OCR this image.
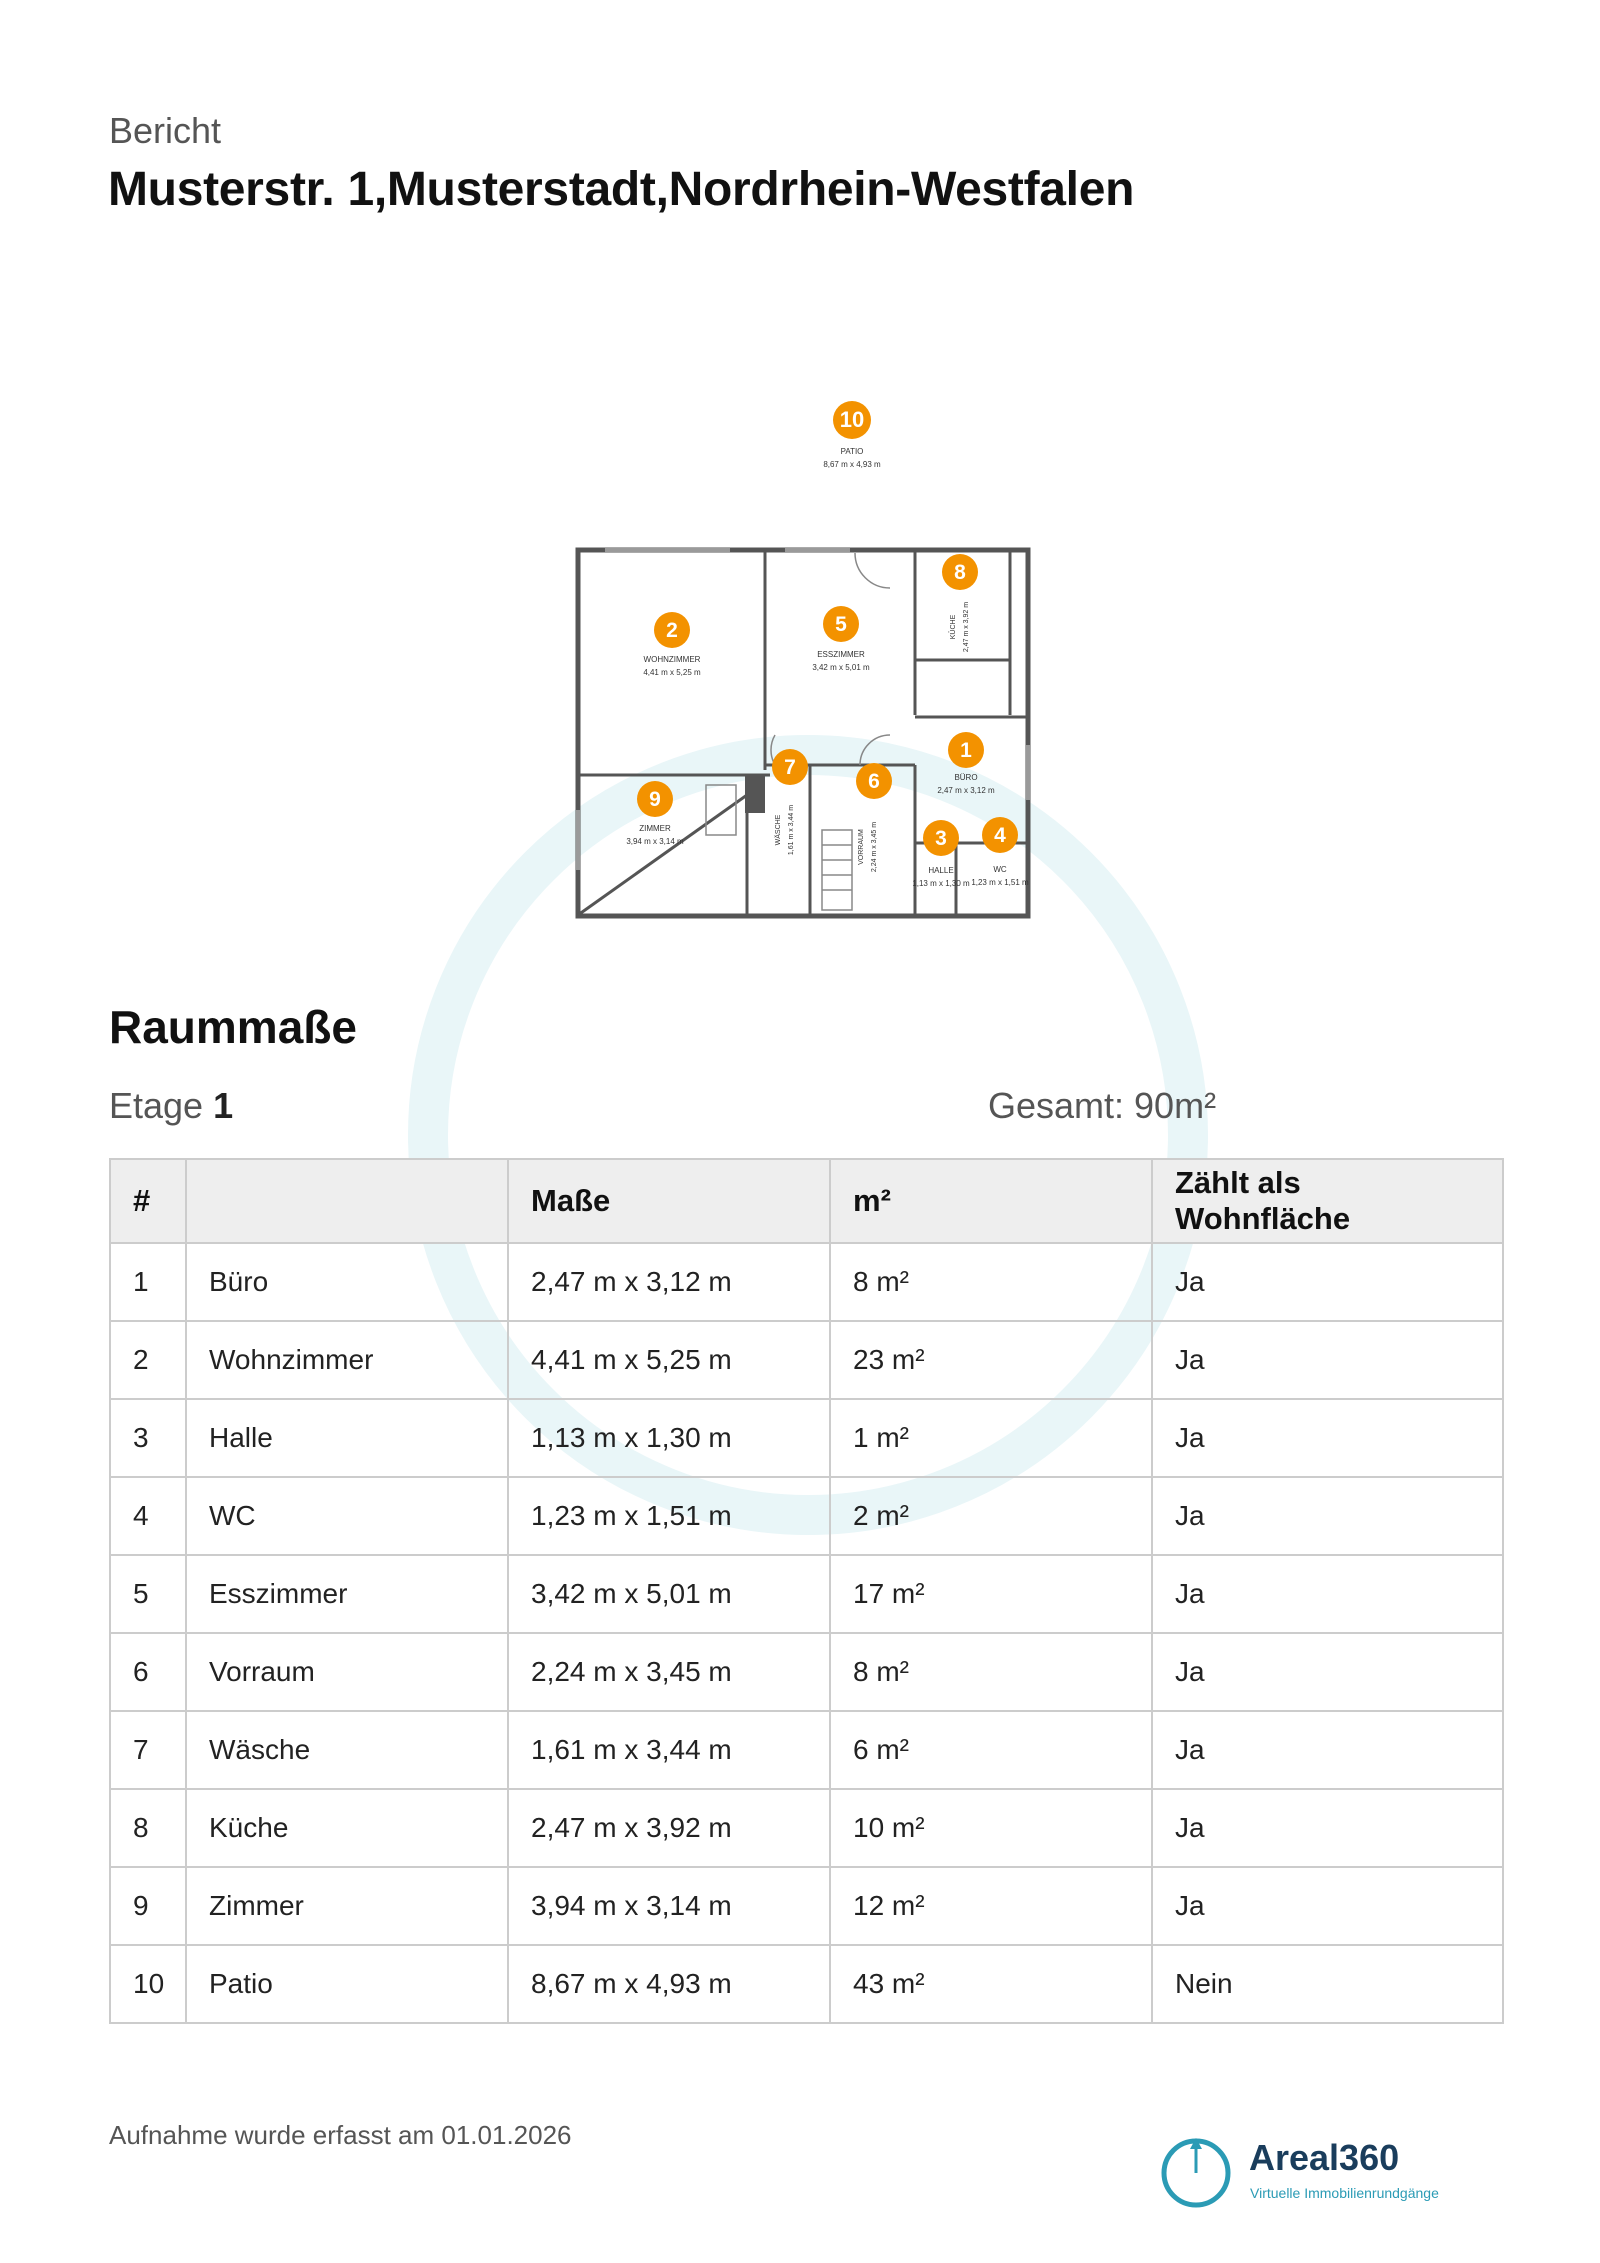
Bericht
Musterstr. 1,Musterstadt,Nordrhein-Westfalen
10
PATIO
8,67 m x 4,93 m
2
WOHNZIMMER
4,41 m x 5,25 m
5
ESSZIMMER
3,42 m x 5,01 m
8
KÜCHE 2,47 m x 3,92 m
1
BÜRO
2,47 m x 3,12 m
9
ZIMMER
3,94 m x 3,14 m
7
WÄSCHE 1,61 m x 3,44 m
6
VORRAUM 2,24 m x 3,45 m	3
HALLE
1,13 m x 1,30 m
4
WC
1,23 m x 1,51 m
Raummaße
Etage 1	Gesamt: 90m²
#		Maße	m²	Zählt als Wohnfläche
1	Büro	2,47 m x 3,12 m	8 m²	Ja
2	Wohnzimmer	4,41 m x 5,25 m	23 m²	Ja
3	Halle	1,13 m x 1,30 m	1 m²	Ja
4	WC	1,23 m x 1,51 m	2 m²	Ja
5	Esszimmer	3,42 m x 5,01 m	17 m²	Ja
6	Vorraum	2,24 m x 3,45 m	8 m²	Ja
7	Wäsche	1,61 m x 3,44 m	6 m²	Ja
8	Küche	2,47 m x 3,92 m	10 m²	Ja
9	Zimmer	3,94 m x 3,14 m	12 m²	Ja
10	Patio	8,67 m x 4,93 m	43 m²	Nein
Aufnahme wurde erfasst am 01.01.2026
Areal360
Virtuelle Immobilienrundgänge
